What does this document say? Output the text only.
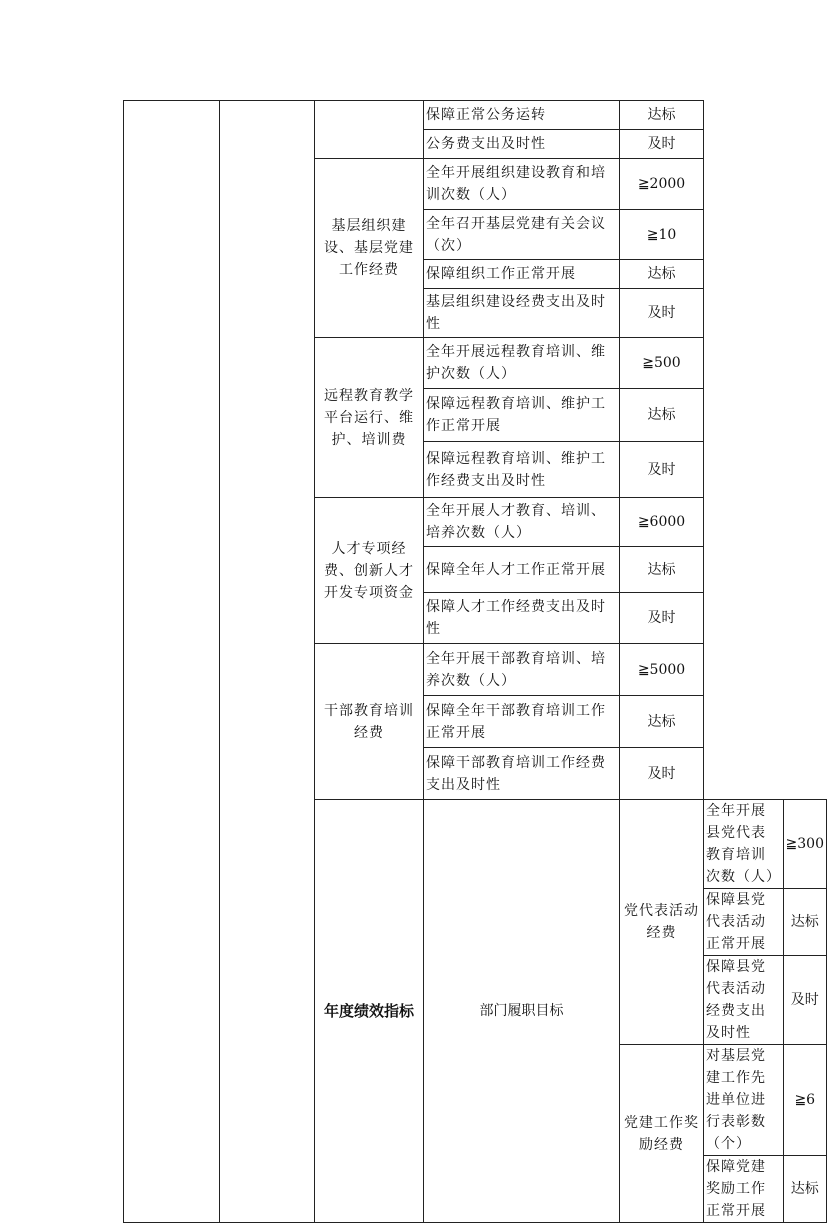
			保障正常公务运转	达标		
			公务费支出及时性	及时		
		基层组织建设、基层党建工作经费	全年开展组织建设教育和培训次数（人）	≧2000		
			全年召开基层党建有关会议（次）	≧10		
			保障组织工作正常开展	达标		
			基层组织建设经费支出及时性	及时		
		远程教育教学平台运行、维护、培训费	全年开展远程教育培训、维护次数（人）	≧500		
			保障远程教育培训、维护工作正常开展	达标		
			保障远程教育培训、维护工作经费支出及时性	及时		
		人才专项经费、创新人才开发专项资金	全年开展人才教育、培训、培养次数（人）	≧6000		
			保障全年人才工作正常开展	达标		
			保障人才工作经费支出及时性	及时		
		干部教育培训经费	全年开展干部教育培训、培养次数（人）	≧5000		
			保障全年干部教育培训工作正常开展	达标		
			保障干部教育培训工作经费支出及时性	及时		
		年度绩效指标	部门履职目标	党代表活动经费	全年开展县党代表教育培训次数（人）	≧300
					保障县党代表活动正常开展	达标
					保障县党代表活动经费支出及时性	及时
				党建工作奖励经费	对基层党建工作先进单位进行表彰数（个）	≧6
					保障党建奖励工作正常开展	达标
